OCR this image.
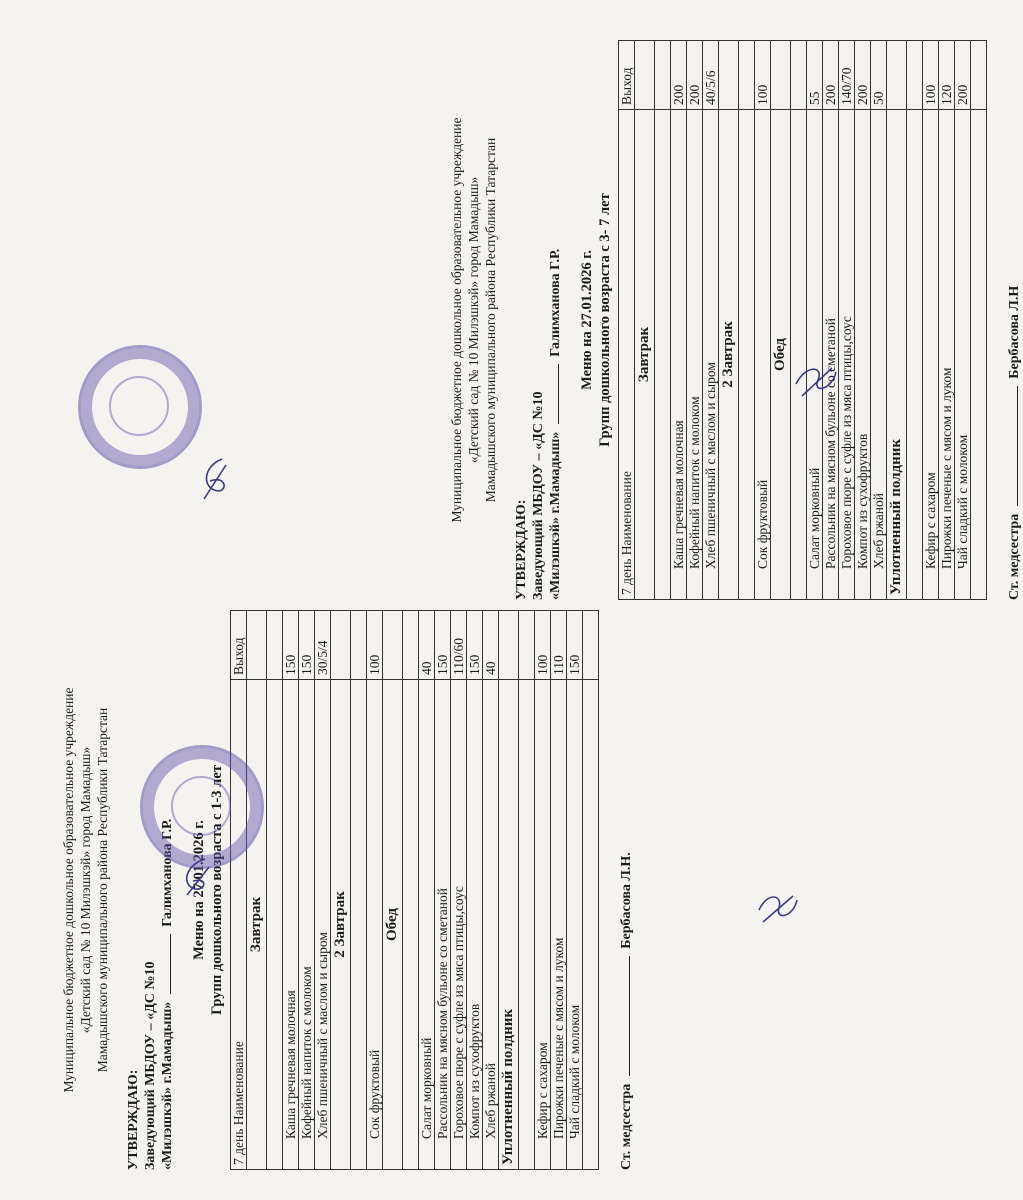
Муниципальное бюджетное дошкольное образовательное учреждение «Детский сад № 10 Милэшкэй» город Мамадыш» Мамадышского муниципального района Республики Татарстан
УТВЕРЖДАЮ: Заведующий МБДОУ – «ДС №10 «Милэшкэй» г.Мамадыш»  Галимханова Г.Р. Меню на 27.01.2026 г. Групп дошкольного возраста с 1-3 лет
7 день Наименование	Выход
Завтрак	

Каша гречневая молочная	150
Кофейный напиток с молоком	150
Хлеб пшеничный с маслом и сыром	30/5/4
2 Завтрак	

Сок фруктовый	100
Обед	

Салат морковный	40
Рассольник на мясном бульоне со сметаной	150
Гороховое пюре с суфле из мяса птицы,соус	110/60
Компот из сухофруктов	150
Хлеб ржаной	40
Уплотненный полдник	

Кефир с сахаром	100
Пирожки печеные с мясом и луком	110
Чай сладкий с молоком	150

Ст. медсестра  Бербасова Л.Н.
Муниципальное бюджетное дошкольное образовательное учреждение «Детский сад № 10 Милэшкэй» город Мамадыш» Мамадышского муниципального района Республики Татарстан
УТВЕРЖДАЮ: Заведующий МБДОУ – «ДС №10 «Милэшкэй» г.Мамадыш»  Галимханова Г.Р. Меню на 27.01.2026 г. Групп дошкольного возраста с 3- 7 лет
7 день Наименование	Выход
Завтрак	

Каша гречневая молочная	200
Кофейный напиток с молоком	200
Хлеб пшеничный с маслом и сыром	40/5/6
2 Завтрак	

Сок фруктовый	100
Обед	

Салат морковный	55
Рассольник на мясном бульоне со сметаной	200
Гороховое пюре с суфле из мяса птицы,соус	140/70
Компот из сухофруктов	200
Хлеб ржаной	50
Уплотненный полдник	

Кефир с сахаром	100
Пирожки печеные с мясом и луком	120
Чай сладкий с молоком	200

Ст. медсестра  Бербасова Л.Н
